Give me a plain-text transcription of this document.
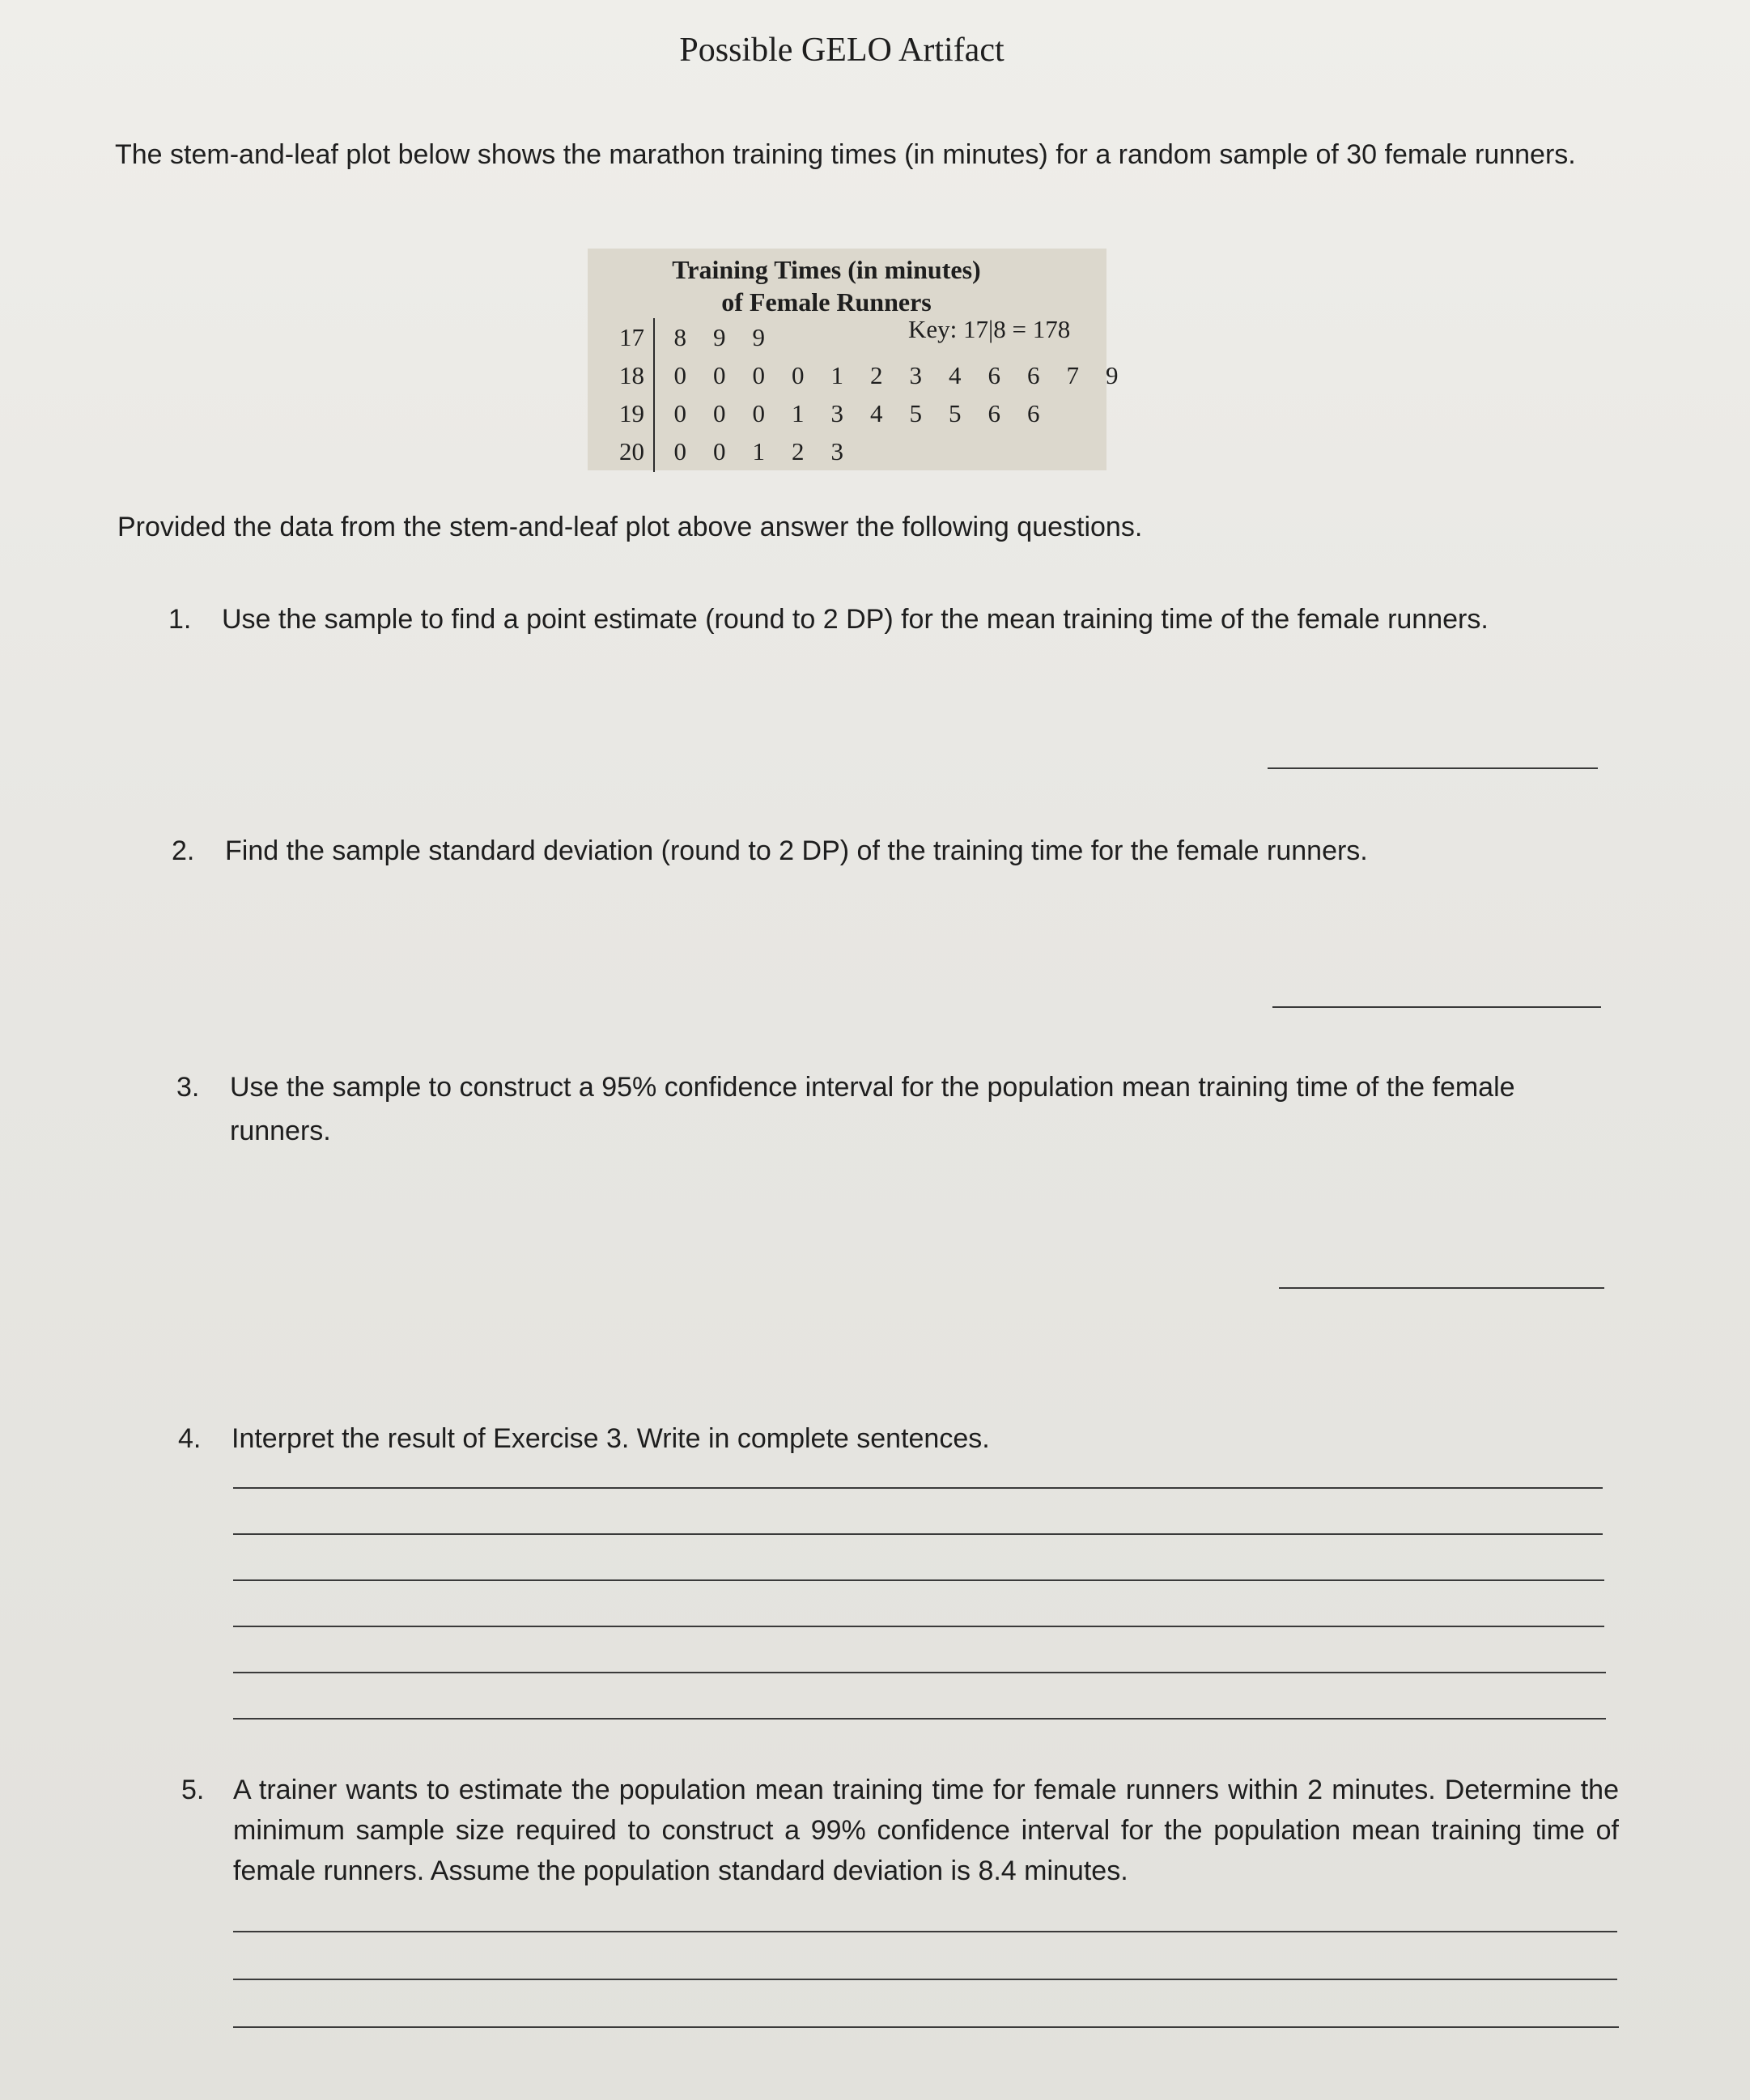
Possible GELO Artifact
The stem-and-leaf plot below shows the marathon training times (in minutes) for a random sample of 30 female runners.
Training Times (in minutes)
of Female Runners
Key: 17|8 = 178
17
18
19
20
8 9 9
0 0 0 0 1 2 3 4 6 6 7 9
0 0 0 1 3 4 5 5 6 6
0 0 1 2 3
Provided the data from the stem-and-leaf plot above answer the following questions.
1. Use the sample to find a point estimate (round to 2 DP) for the mean training time of the female runners.
2. Find the sample standard deviation (round to 2 DP) of the training time for the female runners.
3. Use the sample to construct a 95% confidence interval for the population mean training time of the female
runners.
4. Interpret the result of Exercise 3. Write in complete sentences.
5. A trainer wants to estimate the population mean training time for female runners within 2 minutes. Determine the minimum sample size required to construct a 99% confidence interval for the population mean training time of female runners. Assume the population standard deviation is 8.4 minutes.
